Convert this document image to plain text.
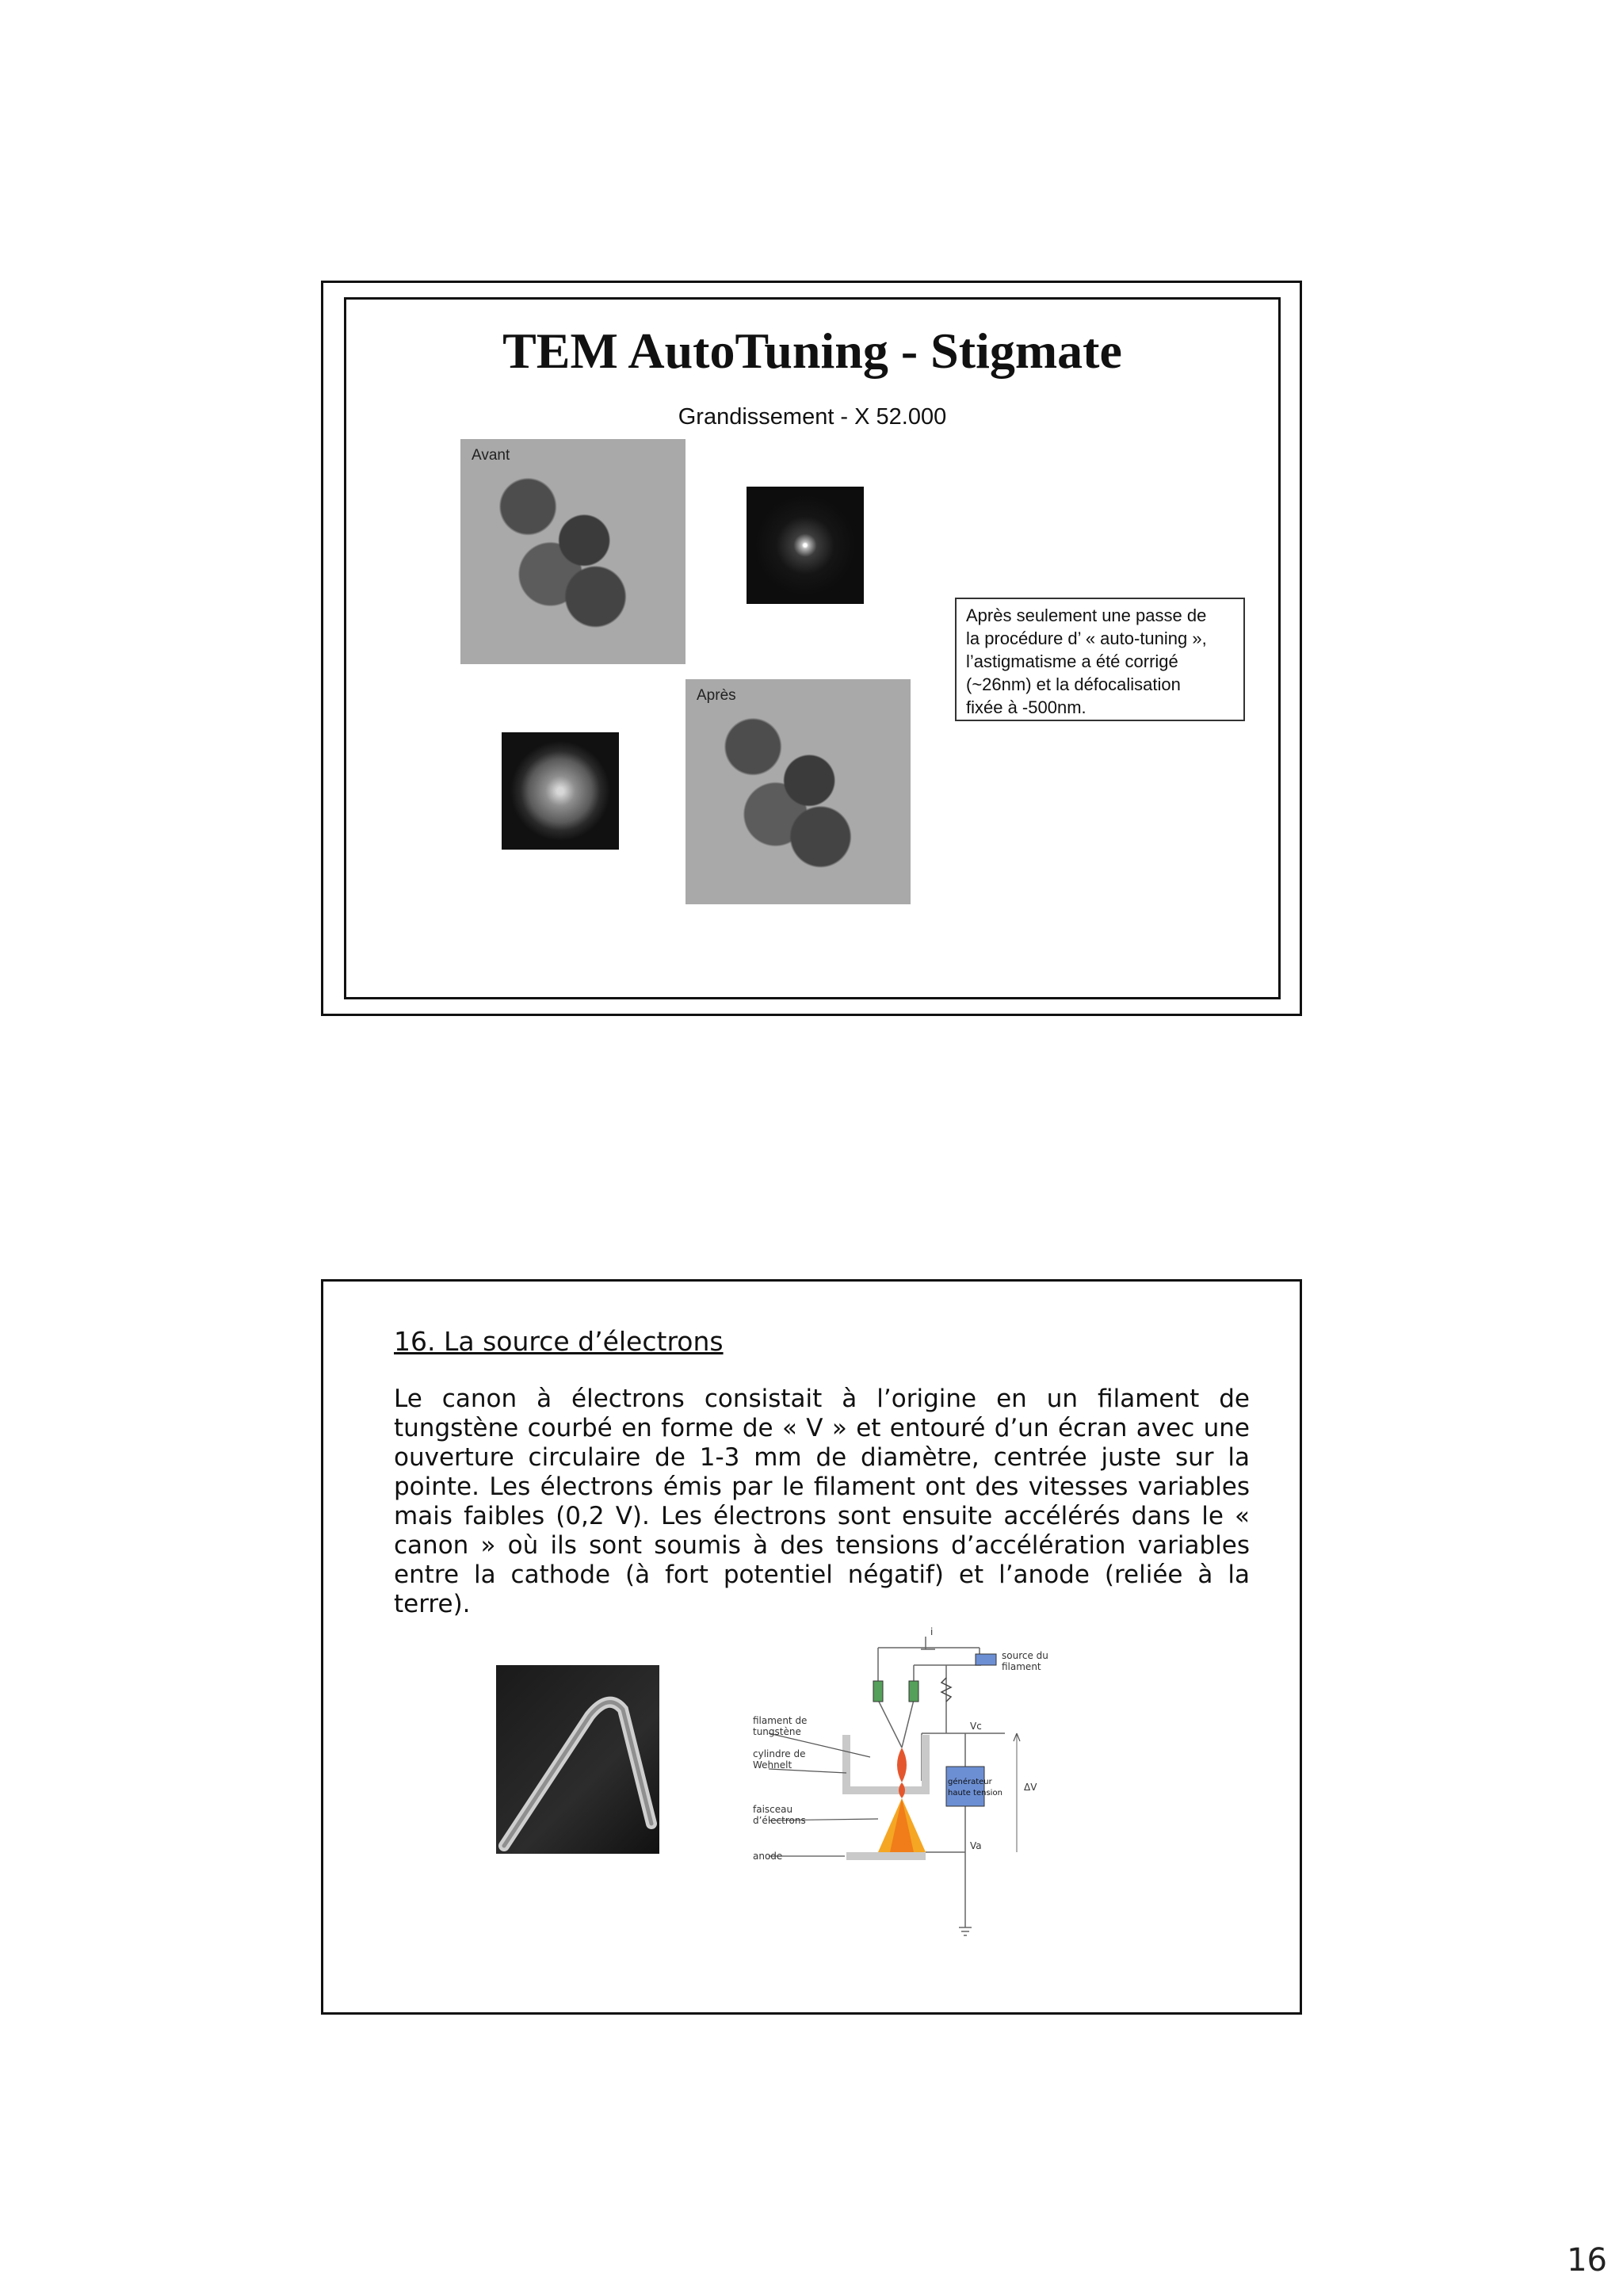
TEM AutoTuning - Stigmate
Grandissement - X 52.000
Avant
Après
Après seulement une passe de
la procédure d’ « auto-tuning »,
l’astigmatisme a été corrigé
(~26nm) et la défocalisation
fixée à -500nm.
16. La source d’électrons
Le canon à électrons consistait à l’origine en un filament de tungstène courbé en forme de « V » et entouré d’un écran avec une ouverture circulaire de 1-3 mm de diamètre, centrée juste sur la pointe. Les électrons émis par le filament ont des vitesses variables mais faibles (0,2 V). Les électrons sont ensuite accélérés dans le « canon » où ils sont soumis à des tensions d’accélération variables entre la cathode (à fort potentiel négatif) et l’anode (reliée à la terre).
i
source du
filament
filament de
tungstène
cylindre de
Wehnelt
faisceau
d’électrons
anode
Vc
Va
générateur
haute tension
ΔV
16
